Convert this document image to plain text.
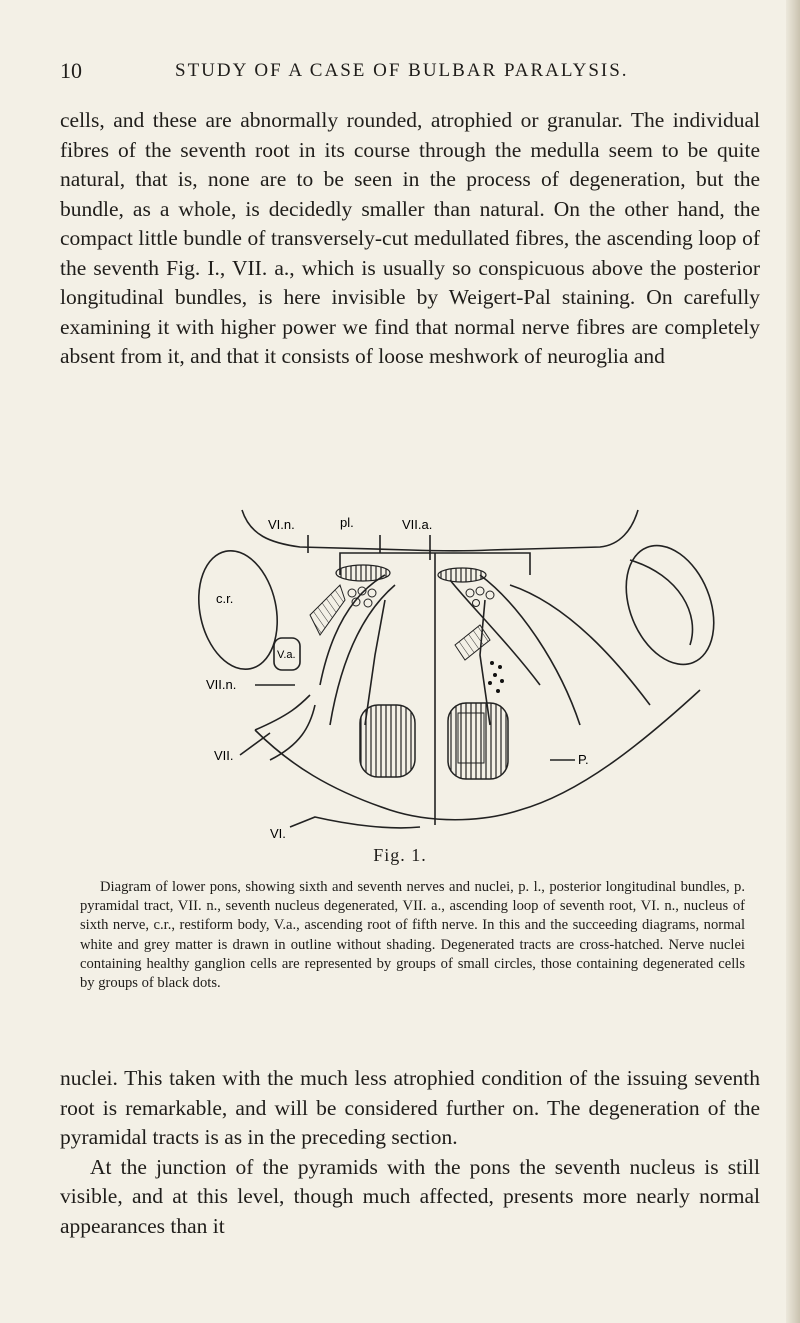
10	STUDY OF A CASE OF BULBAR PARALYSIS.

cells, and these are abnormally rounded, atrophied or granular. The individual fibres of the seventh root in its course through the medulla seem to be quite natural, that is, none are to be seen in the process of degeneration, but the bundle, as a whole, is decidedly smaller than natural. On the other hand, the compact little bundle of transversely-cut medullated fibres, the ascending loop of the seventh Fig. I., VII. a., which is usually so conspicuous above the posterior longitudinal bundles, is here invisible by Weigert-Pal staining. On carefully examining it with higher power we find that normal nerve fibres are completely absent from it, and that it consists of loose meshwork of neuroglia and

VI.n.	pl.	VII.a.
c.r.
VII.n.
V.a.
VII.
VI.
P.
Fig. 1.

Diagram of lower pons, showing sixth and seventh nerves and nuclei, p. l., posterior longitudinal bundles, p. pyramidal tract, VII. n., seventh nucleus degenerated, VII. a., ascending loop of seventh root, VI. n., nucleus of sixth nerve, c.r., restiform body, V.a., ascending root of fifth nerve. In this and the succeeding diagrams, normal white and grey matter is drawn in outline without shading. Degenerated tracts are cross-hatched. Nerve nuclei containing healthy ganglion cells are represented by groups of small circles, those containing degenerated cells by groups of black dots.

nuclei. This taken with the much less atrophied condition of the issuing seventh root is remarkable, and will be considered further on. The degeneration of the pyramidal tracts is as in the preceding section.
At the junction of the pyramids with the pons the seventh nucleus is still visible, and at this level, though much affected, presents more nearly normal appearances than it
